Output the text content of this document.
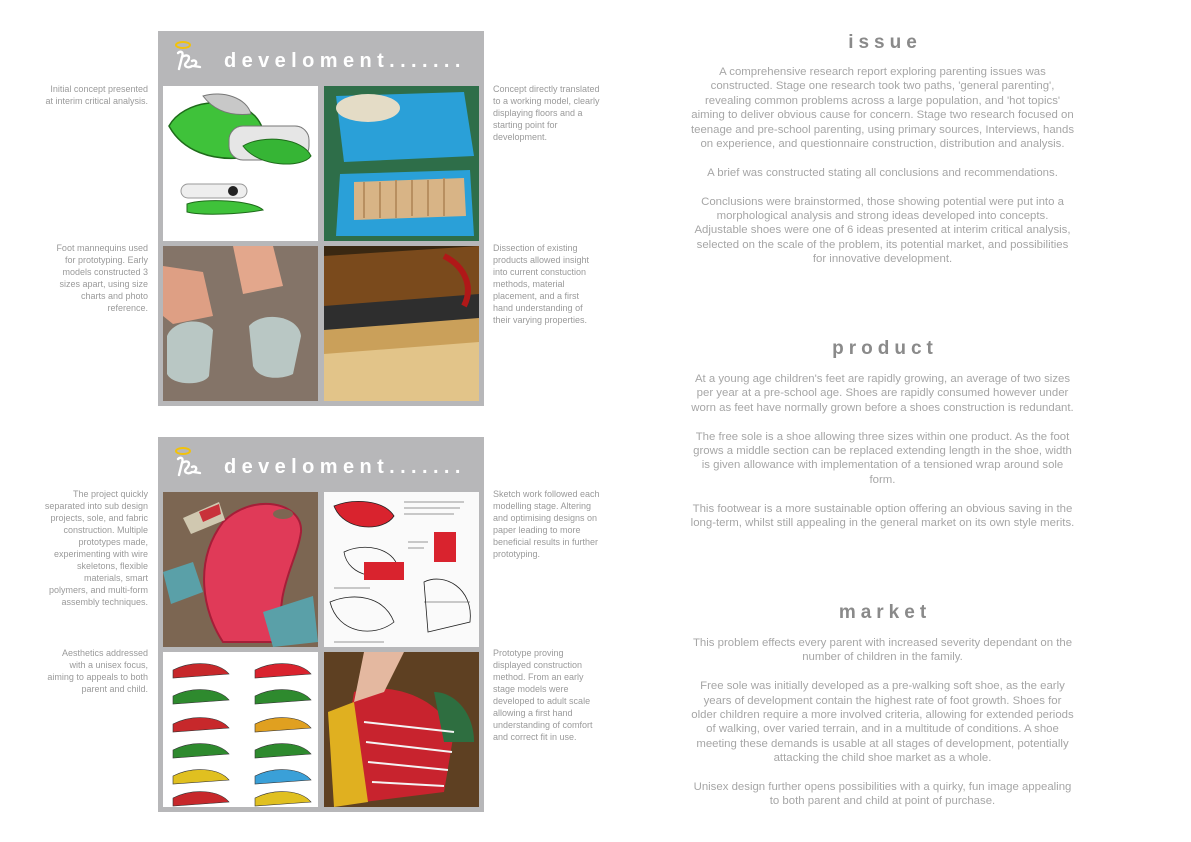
develoment.......
Initial concept presented at interim critical analysis.
Concept directly translated to a working model, clearly displaying floors and a starting point for development.
Foot mannequins used for prototyping. Early models constructed 3 sizes apart, using size charts and photo reference.
Dissection of existing products allowed insight into current constuction methods, material placement, and a first hand understanding of their varying properties.
develoment.......
The project quickly separated into sub design projects, sole, and fabric construction. Multiple prototypes made, experimenting with wire skeletons, flexible materials, smart polymers, and multi-form assembly techniques.
Sketch work followed each modelling stage. Altering and optimising designs on paper leading to more beneficial results in further prototyping.
Aesthetics addressed with a unisex focus, aiming to appeals to both parent and child.
Prototype proving displayed construction method. From an early stage models were developed to adult scale allowing a first hand understanding of comfort and correct fit in use.
issue

A comprehensive research report exploring parenting issues was constructed. Stage one research took two paths, 'general parenting', revealing common problems across a large population, and 'hot topics' aiming to deliver obvious cause for concern. Stage two research focused on teenage and pre-school parenting, using primary sources, Interviews, hands on experience, and questionnaire construction, distribution and analysis.

A brief was constructed stating all conclusions and recommendations.

Conclusions were brainstormed, those showing potential were put into a morphological analysis and strong ideas developed into concepts. Adjustable shoes were one of 6 ideas presented at interim critical analysis, selected on the scale of the problem, its potential market, and possibilities for innovative development.

product

At a young age children's feet are rapidly growing, an average of two sizes per year at a pre-school age. Shoes are rapidly consumed however under worn as feet have normally grown before a shoes construction is redundant.

The free sole is a shoe allowing three sizes within one product. As the foot grows a middle section can be replaced extending length in the shoe, width is given allowance with implementation of a tensioned wrap around sole form.

This footwear is a more sustainable option offering an obvious saving in the long-term, whilst still appealing in the general market on its own style merits.

market

This problem effects every parent with increased severity dependant on the number of children in the family.

Free sole was initially developed as a pre-walking soft shoe, as the early years of development contain the highest rate of foot growth. Shoes for older children require a more involved criteria, allowing for extended periods of walking, over varied terrain, and in a multitude of conditions. A shoe meeting these demands is usable at all stages of development, potentially attacking the child shoe market as a whole.

Unisex design further opens possibilities with a quirky, fun image appealing to both parent and child at point of purchase.
